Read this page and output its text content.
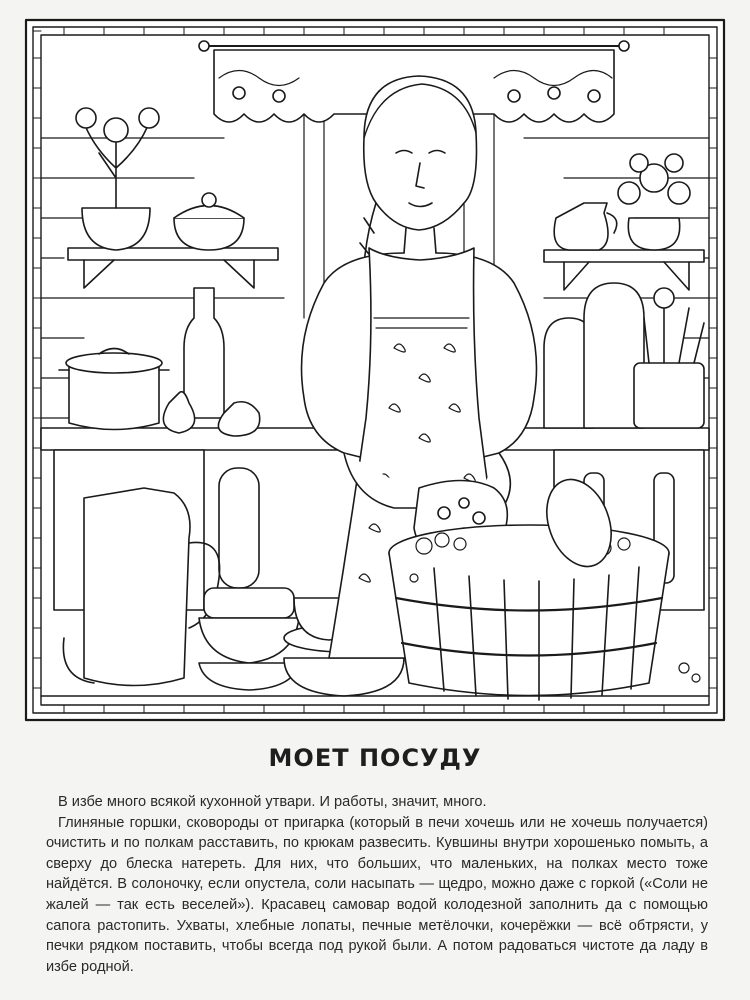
МОЕТ ПОСУДУ

В избе много всякой кухонной утвари. И работы, значит, много.

Глиняные горшки, сковороды от пригарка (который в печи хочешь или не хочешь получается) очистить и по полкам расставить, по крюкам развесить. Кувшины внутри хорошенько помыть, а сверху до блеска натереть. Для них, что больших, что маленьких, на полках место тоже найдётся. В солоночку, если опустела, соли насыпать — щедро, можно даже с горкой («Соли не жалей — так есть веселей»). Красавец самовар водой колодезной заполнить да с помощью сапога растопить. Ухваты, хлебные лопаты, печные метёлочки, кочерёжки — всё обтрясти, у печки рядком поставить, чтобы всегда под рукой были. А потом радоваться чистоте да ладу в избе родной.
